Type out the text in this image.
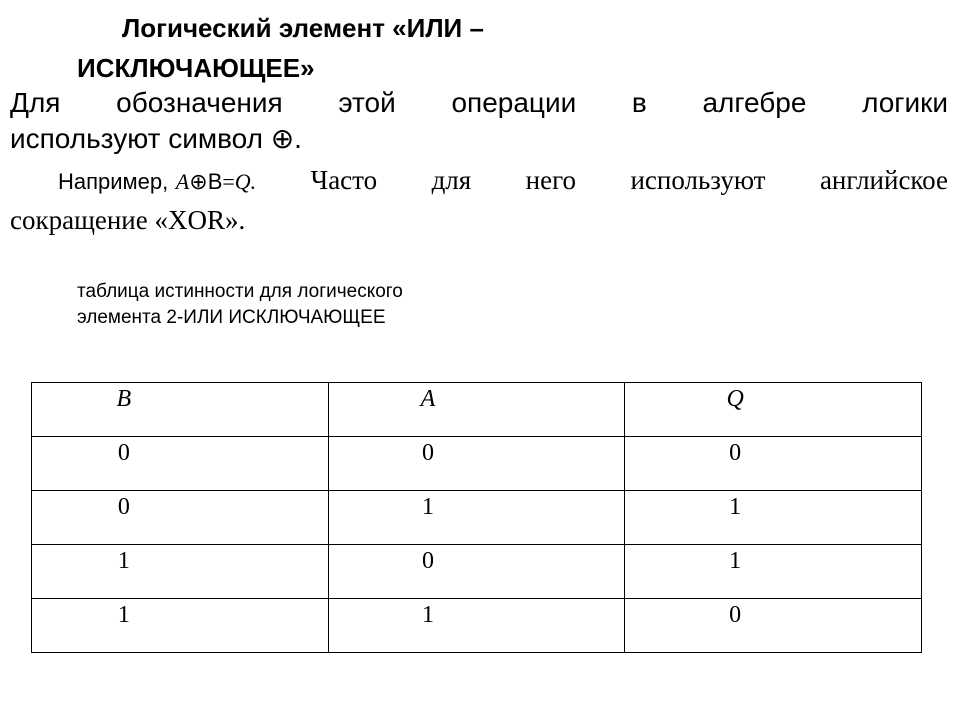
Логический элемент «ИЛИ –
ИСКЛЮЧАЮЩЕЕ»
Для обозначения этой операции в алгебре логики
используют символ ⊕.
Например, A⊕B=Q. Часто для него используют английское
сокращение «XOR».
таблица истинности для логического
элемента 2-ИЛИ ИСКЛЮЧАЮЩЕЕ
B	A	Q

0	0	0

0	1	1

1	0	1

1	1	0
